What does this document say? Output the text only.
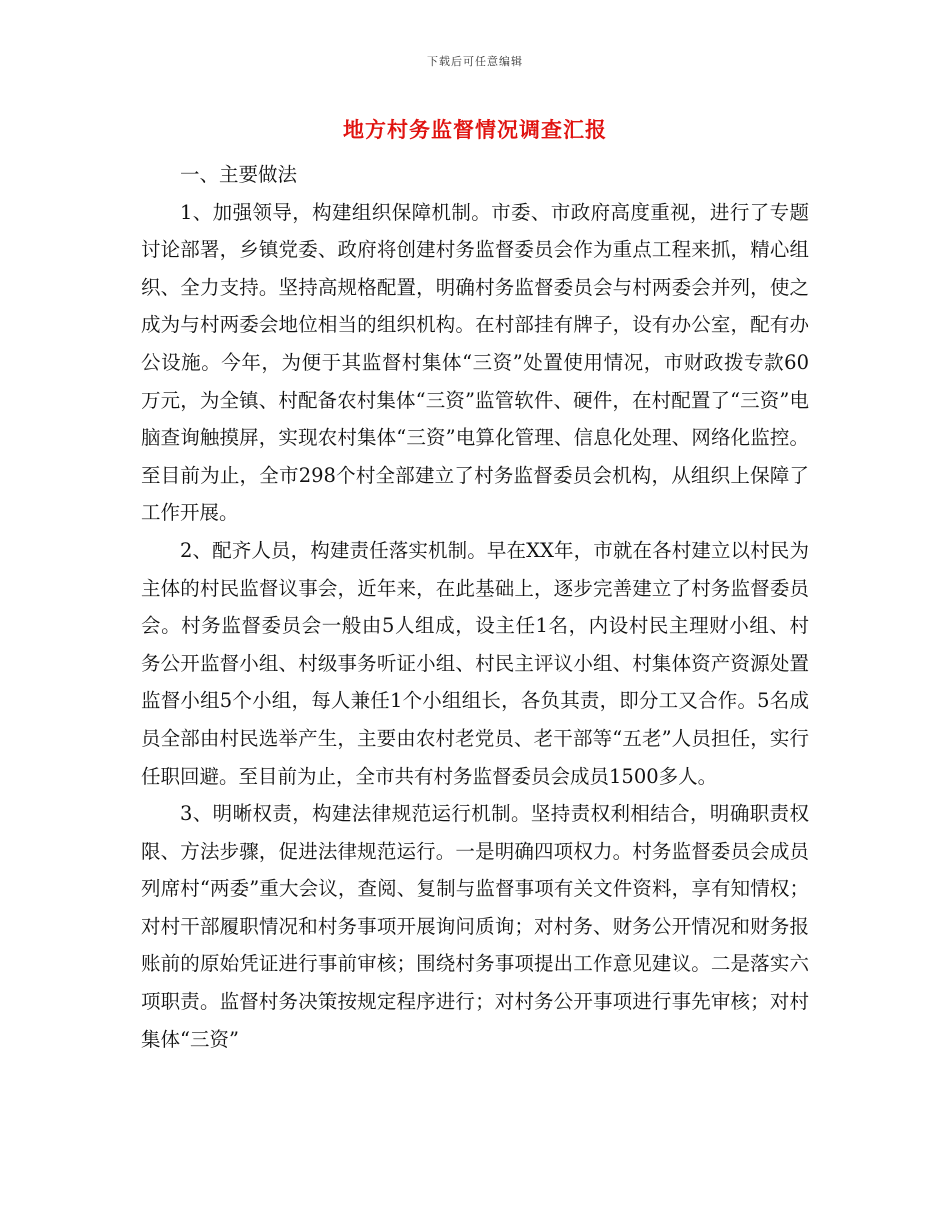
下载后可任意编辑
地方村务监督情况调查汇报

一、主要做法

1、加强领导，构建组织保障机制。市委、市政府高度重视，进行了专题讨论部署，乡镇党委、政府将创建村务监督委员会作为重点工程来抓，精心组织、全力支持。坚持高规格配置，明确村务监督委员会与村两委会并列，使之成为与村两委会地位相当的组织机构。在村部挂有牌子，设有办公室，配有办公设施。今年，为便于其监督村集体“三资”处置使用情况，市财政拨专款60万元，为全镇、村配备农村集体“三资”监管软件、硬件，在村配置了“三资”电脑查询触摸屏，实现农村集体“三资”电算化管理、信息化处理、网络化监控。至目前为止，全市298个村全部建立了村务监督委员会机构，从组织上保障了工作开展。

2、配齐人员，构建责任落实机制。早在XX年，市就在各村建立以村民为主体的村民监督议事会，近年来，在此基础上，逐步完善建立了村务监督委员会。村务监督委员会一般由5人组成，设主任1名，内设村民主理财小组、村务公开监督小组、村级事务听证小组、村民主评议小组、村集体资产资源处置监督小组5个小组，每人兼任1个小组组长，各负其责，即分工又合作。5名成员全部由村民选举产生，主要由农村老党员、老干部等“五老”人员担任，实行任职回避。至目前为止，全市共有村务监督委员会成员1500多人。

3、明晰权责，构建法律规范运行机制。坚持责权利相结合，明确职责权限、方法步骤，促进法律规范运行。一是明确四项权力。村务监督委员会成员列席村“两委”重大会议，查阅、复制与监督事项有关文件资料，享有知情权；对村干部履职情况和村务事项开展询问质询；对村务、财务公开情况和财务报账前的原始凭证进行事前审核；围绕村务事项提出工作意见建议。二是落实六项职责。监督村务决策按规定程序进行；对村务公开事项进行事先审核；对村集体“三资”
